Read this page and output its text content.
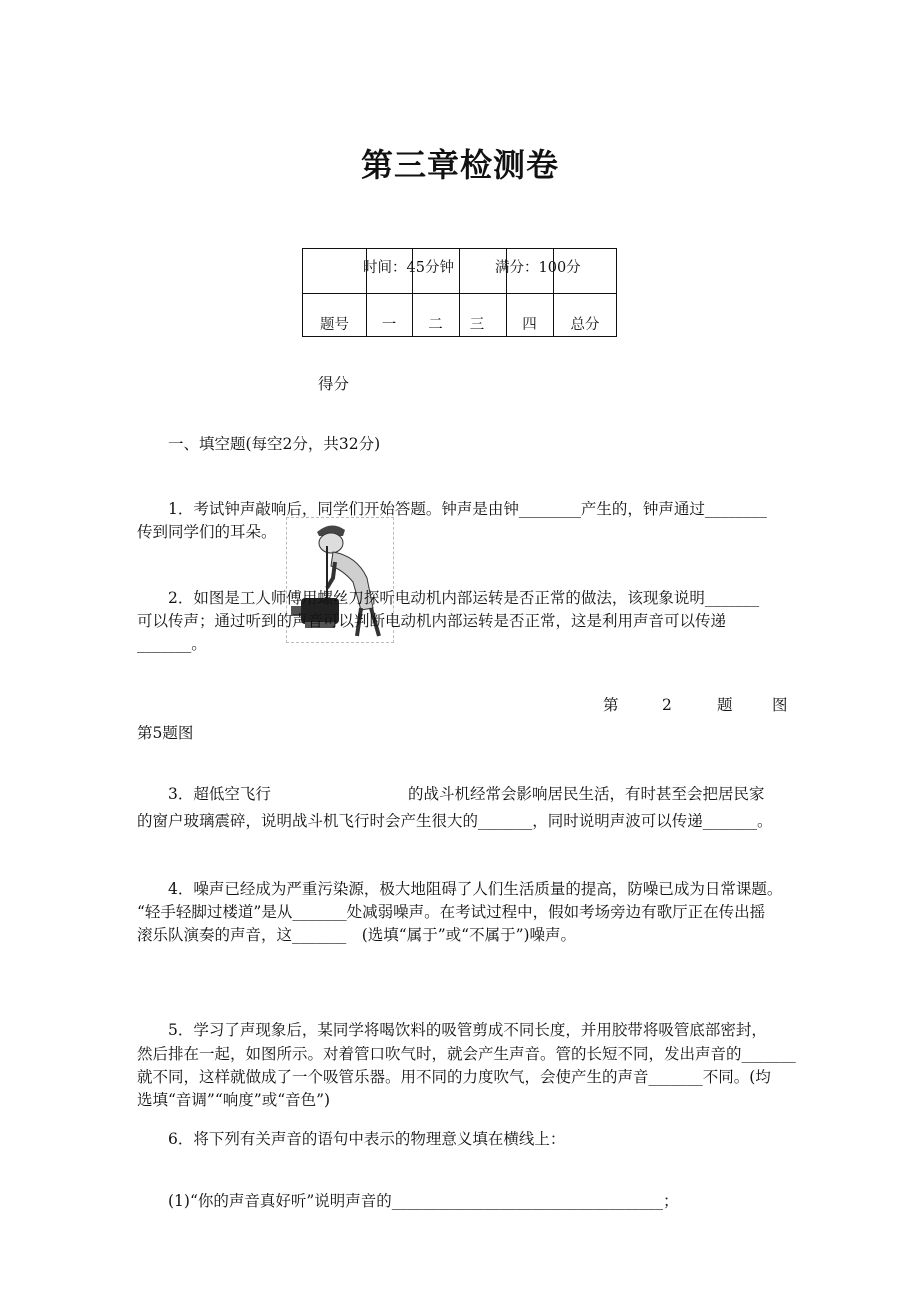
第三章检测卷
时间：45分钟	满分：100分
题号	一	二	三	四	总分
得分
一、填空题(每空2分，共32分)
1．考试钟声敲响后，同学们开始答题。钟声是由钟________产生的，钟声通过________
传到同学们的耳朵。
2．如图是工人师傅用螺丝刀探听电动机内部运转是否正常的做法，该现象说明_______
可以传声；通过听到的声音可以判断电动机内部运转是否正常，这是利用声音可以传递
_______。
第	2	题	图
第5题图
3．超低空飞行	的战斗机经常会影响居民生活，有时甚至会把居民家
的窗户玻璃震碎，说明战斗机飞行时会产生很大的_______，同时说明声波可以传递_______。
4．噪声已经成为严重污染源，极大地阻碍了人们生活质量的提高，防噪已成为日常课题。
“轻手轻脚过楼道”是从_______处减弱噪声。在考试过程中，假如考场旁边有歌厅正在传出摇
滚乐队演奏的声音，这_______　(选填“属于”或“不属于”)噪声。
5．学习了声现象后，某同学将喝饮料的吸管剪成不同长度，并用胶带将吸管底部密封，
然后排在一起，如图所示。对着管口吹气时，就会产生声音。管的长短不同，发出声音的_______
就不同，这样就做成了一个吸管乐器。用不同的力度吹气，会使产生的声音_______不同。(均
选填“音调”“响度”或“音色”)
6．将下列有关声音的语句中表示的物理意义填在横线上：
(1)“你的声音真好听”说明声音的___________________________________；
